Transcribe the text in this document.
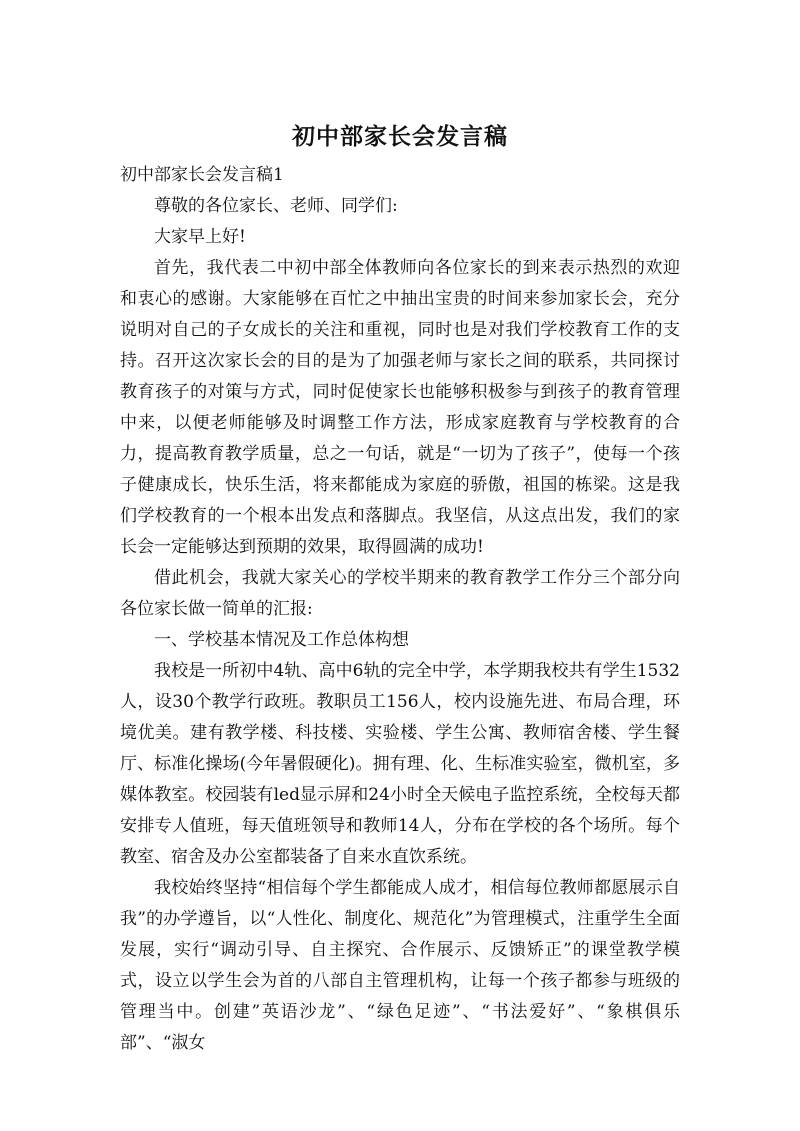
初中部家长会发言稿

初中部家长会发言稿1

尊敬的各位家长、老师、同学们:

大家早上好!

首先，我代表二中初中部全体教师向各位家长的到来表示热烈的欢迎和衷心的感谢。大家能够在百忙之中抽出宝贵的时间来参加家长会，充分说明对自己的子女成长的关注和重视，同时也是对我们学校教育工作的支持。召开这次家长会的目的是为了加强老师与家长之间的联系，共同探讨教育孩子的对策与方式，同时促使家长也能够积极参与到孩子的教育管理中来，以便老师能够及时调整工作方法，形成家庭教育与学校教育的合力，提高教育教学质量，总之一句话，就是“一切为了孩子”，使每一个孩子健康成长，快乐生活，将来都能成为家庭的骄傲，祖国的栋梁。这是我们学校教育的一个根本出发点和落脚点。我坚信，从这点出发，我们的家长会一定能够达到预期的效果，取得圆满的成功!

借此机会，我就大家关心的学校半期来的教育教学工作分三个部分向各位家长做一简单的汇报:

一、学校基本情况及工作总体构想

我校是一所初中4轨、高中6轨的完全中学，本学期我校共有学生1532人，设30个教学行政班。教职员工156人，校内设施先进、布局合理，环境优美。建有教学楼、科技楼、实验楼、学生公寓、教师宿舍楼、学生餐厅、标准化操场(今年暑假硬化)。拥有理、化、生标准实验室，微机室，多媒体教室。校园装有led显示屏和24小时全天候电子监控系统，全校每天都安排专人值班，每天值班领导和教师14人，分布在学校的各个场所。每个教室、宿舍及办公室都装备了自来水直饮系统。

我校始终坚持“相信每个学生都能成人成才，相信每位教师都愿展示自我”的办学遵旨，以“人性化、制度化、规范化”为管理模式，注重学生全面发展，实行“调动引导、自主探究、合作展示、反馈矫正”的课堂教学模式，设立以学生会为首的八部自主管理机构，让每一个孩子都参与班级的管理当中。创建”英语沙龙”、“绿色足迹”、“书法爱好”、“象棋俱乐部”、“淑女
